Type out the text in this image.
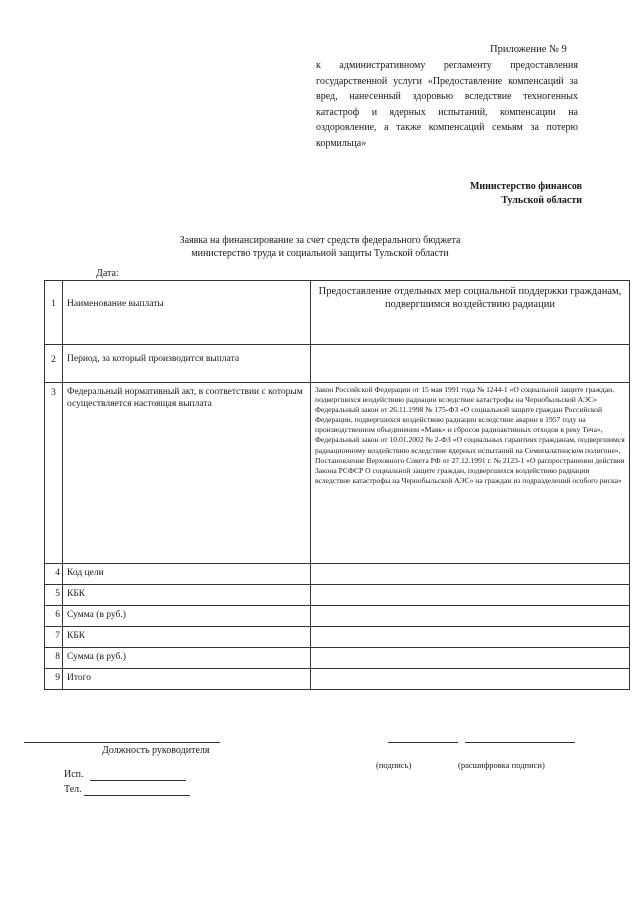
Приложение № 9
к административному регламенту предоставления государственной услуги «Предоставление компенсаций за вред, нанесенный здоровью вследствие техногенных катастроф и ядерных испытаний, компенсации на оздоровление, а также компенсаций семьям за потерю кормильца»
Министерство финансов
Тульской области
Заявка на финансирование за счет средств федерального бюджета
министерство труда и социальной защиты Тульской области
Дата:
1	Наименование выплаты	Предоставление отдельных мер социальной поддержки гражданам, подвергшимся воздействию радиации
2	Период, за который производится выплата	
3	Федеральный нормативный акт, в соответствии с которым осуществляется настоящая выплата	Закон Российской Федерации от 15 мая 1991 года № 1244-1 «О социальной защите граждан, подвергшихся воздействию радиации вследствие катастрофы на Чернобыльской АЭС» Федеральный закон от 26.11.1998 № 175-ФЗ «О социальной защите граждан Российской Федерации, подвергшихся воздействию радиации вследствие аварии в 1957 году на производственном объединении «Маяк» и сбросов радиоактивных отходов в реку Теча», Федеральный закон от 10.01.2002 № 2-ФЗ «О социальных гарантиях гражданам, подвергшимся радиационному воздействию вследствие ядерных испытаний на Семипалатинском полигоне», Постановление Верховного Совета РФ от 27.12.1991 г. № 2123-1 «О распространении действия Закона РСФСР О социальной защите граждан, подвергшихся воздействию радиации вследствие катастрофы на Чернобыльской АЭС» на граждан из подразделений особого риска»
4	Код цели	
5	КБК	
6	Сумма (в руб.)	
7	КБК	
8	Сумма (в руб.)	
9	Итого	
Должность руководителя
(подпись)	(расшифровка подписи)
Исп.
Тел.
